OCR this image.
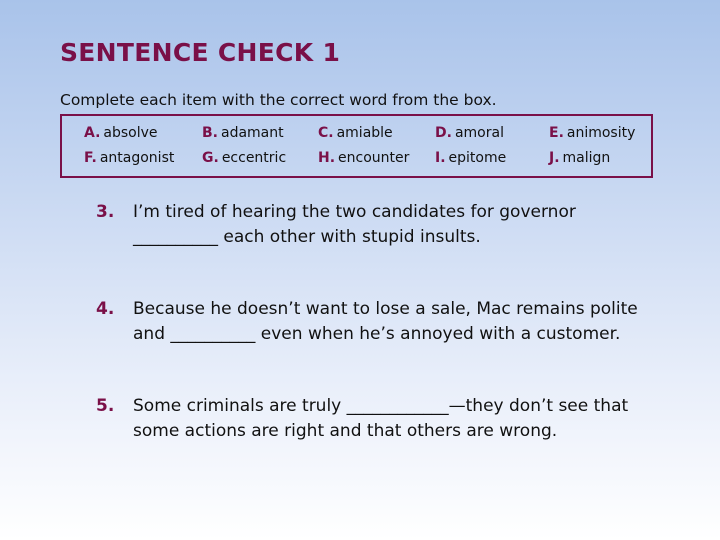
SENTENCE CHECK 1
Complete each item with the correct word from the box.
A. absolve	B. adamant C. amiable	D. amoral	E. animosity
F. antagonist G. eccentric H. encounter I. epitome	J. malign
3. I’m tired of hearing the two candidates for governor
__________ each other with stupid insults.
4. Because he doesn’t want to lose a sale, Mac remains polite
and __________ even when he’s annoyed with a customer.
5. Some criminals are truly ____________—they don’t see that
some actions are right and that others are wrong.
